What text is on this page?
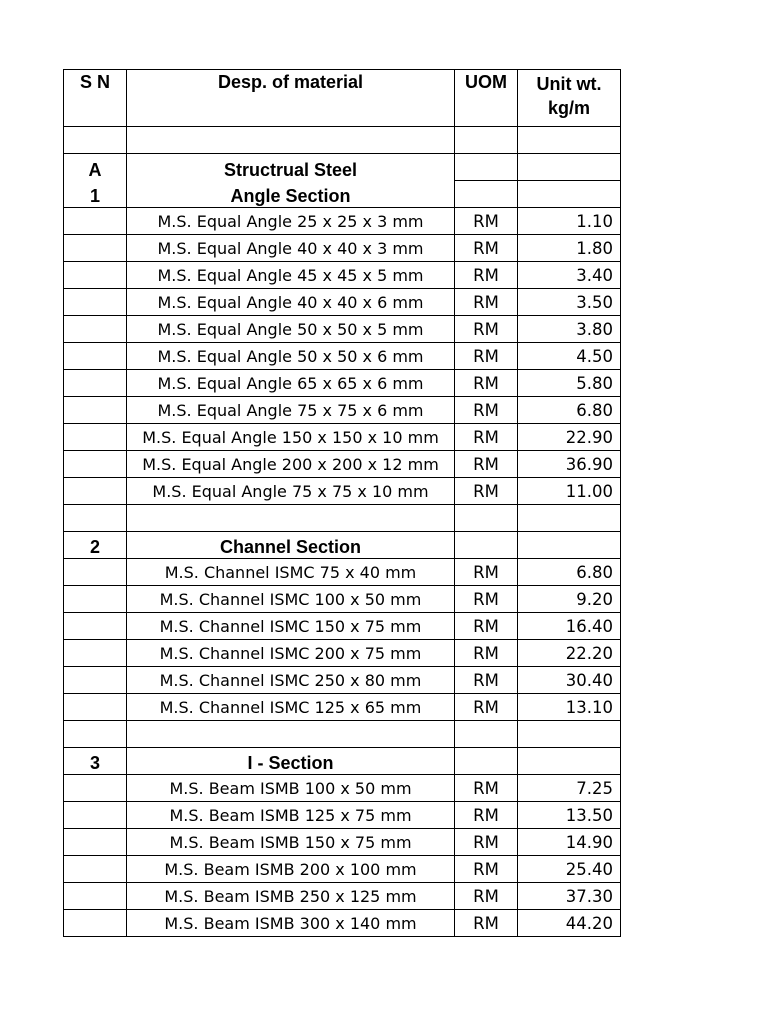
S N	Desp. of material	UOM	Unit wt.
kg/m

A	Structrual Steel		
1	Angle Section		
	M.S. Equal Angle 25 x 25 x 3 mm	RM	1.10
	M.S. Equal Angle 40 x 40 x 3 mm	RM	1.80
	M.S. Equal Angle 45 x 45 x 5 mm	RM	3.40
	M.S. Equal Angle 40 x 40 x 6 mm	RM	3.50
	M.S. Equal Angle 50 x 50 x 5 mm	RM	3.80
	M.S. Equal Angle 50 x 50 x 6 mm	RM	4.50
	M.S. Equal Angle 65 x 65 x 6 mm	RM	5.80
	M.S. Equal Angle 75 x 75 x 6 mm	RM	6.80
	M.S. Equal Angle 150 x 150 x 10 mm	RM	22.90
	M.S. Equal Angle 200 x 200 x 12 mm	RM	36.90
	M.S. Equal Angle 75 x 75 x 10 mm	RM	11.00

2	Channel Section		
	M.S. Channel ISMC 75 x 40 mm	RM	6.80
	M.S. Channel ISMC 100 x 50 mm	RM	9.20
	M.S. Channel ISMC 150 x 75 mm	RM	16.40
	M.S. Channel ISMC 200 x 75 mm	RM	22.20
	M.S. Channel ISMC 250 x 80 mm	RM	30.40
	M.S. Channel ISMC 125 x 65 mm	RM	13.10

3	I - Section		
	M.S. Beam ISMB 100 x 50 mm	RM	7.25
	M.S. Beam ISMB 125 x 75 mm	RM	13.50
	M.S. Beam ISMB 150 x 75 mm	RM	14.90
	M.S. Beam ISMB 200 x 100 mm	RM	25.40
	M.S. Beam ISMB 250 x 125 mm	RM	37.30
	M.S. Beam ISMB 300 x 140 mm	RM	44.20
